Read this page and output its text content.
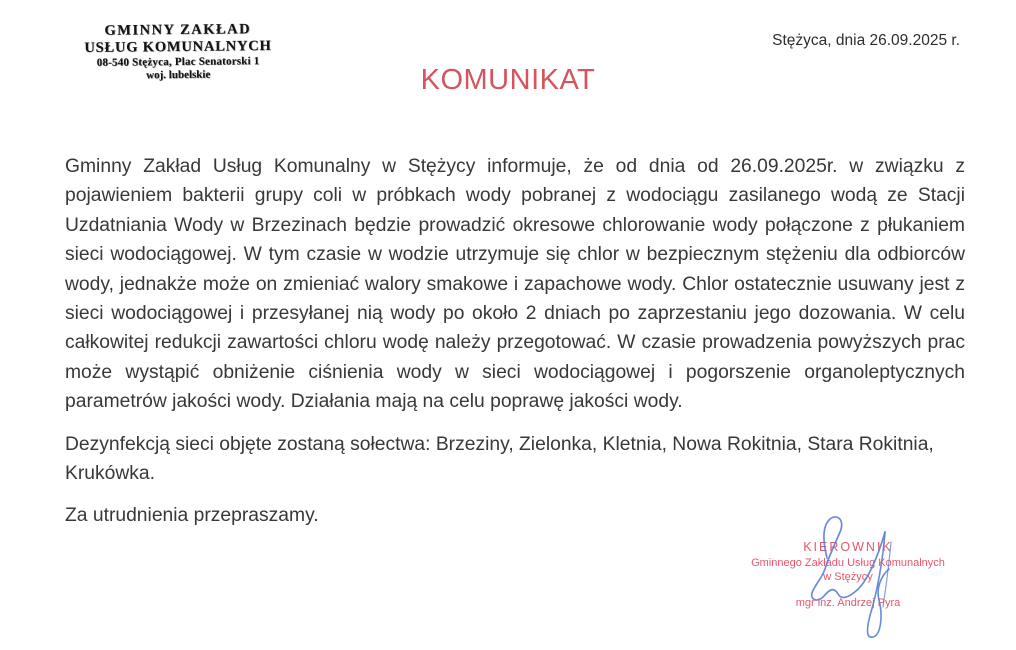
GMINNY ZAKŁAD
USŁUG KOMUNALNYCH
08-540 Stężyca, Plac Senatorski 1
woj. lubelskie
Stężyca, dnia 26.09.2025 r.
KOMUNIKAT

Gminny Zakład Usług Komunalny w Stężycy informuje, że od dnia od 26.09.2025r. w związku z pojawieniem bakterii grupy coli w próbkach wody pobranej z wodociągu zasilanego wodą ze Stacji Uzdatniania Wody w Brzezinach będzie prowadzić okresowe chlorowanie wody połączone z płukaniem sieci wodociągowej. W tym czasie w wodzie utrzymuje się chlor w bezpiecznym stężeniu dla odbiorców wody, jednakże może on zmieniać walory smakowe i zapachowe wody. Chlor ostatecznie usuwany jest z sieci wodociągowej i przesyłanej nią wody po około 2 dniach po zaprzestaniu jego dozowania. W celu całkowitej redukcji zawartości chloru wodę należy przegotować. W czasie prowadzenia powyższych prac może wystąpić obniżenie ciśnienia wody w sieci wodociągowej i pogorszenie organoleptycznych parametrów jakości wody. Działania mają na celu poprawę jakości wody.

Dezynfekcją sieci objęte zostaną sołectwa: Brzeziny, Zielonka, Kletnia, Nowa Rokitnia, Stara Rokitnia, Krukówka.

Za utrudnienia przepraszamy.

KIEROWNIK
Gminnego Zakładu Usług Komunalnych
w Stężycy
mgr inz. Andrzej Pyra
